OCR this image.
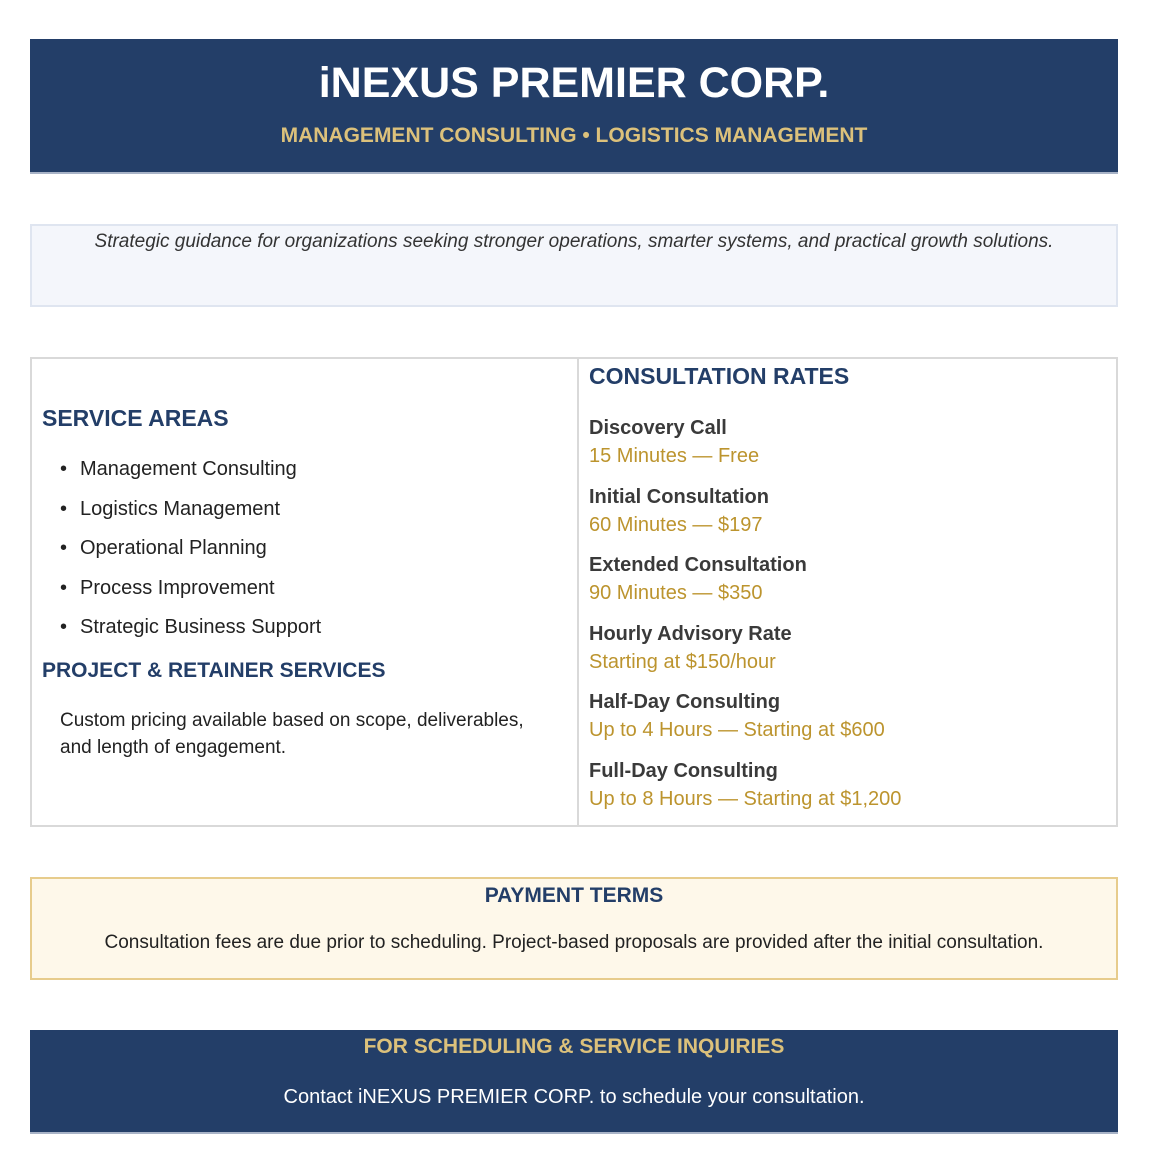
iNEXUS PREMIER CORP.
MANAGEMENT CONSULTING • LOGISTICS MANAGEMENT
Strategic guidance for organizations seeking stronger operations, smarter systems, and practical growth solutions.
SERVICE AREAS
• Management Consulting
• Logistics Management
• Operational Planning
• Process Improvement
• Strategic Business Support
PROJECT & RETAINER SERVICES
Custom pricing available based on scope, deliverables, and length of engagement.
CONSULTATION RATES
Discovery Call
15 Minutes — Free
Initial Consultation
60 Minutes — $197
Extended Consultation
90 Minutes — $350
Hourly Advisory Rate
Starting at $150/hour
Half-Day Consulting
Up to 4 Hours — Starting at $600
Full-Day Consulting
Up to 8 Hours — Starting at $1,200
PAYMENT TERMS
Consultation fees are due prior to scheduling. Project-based proposals are provided after the initial consultation.
FOR SCHEDULING & SERVICE INQUIRIES
Contact iNEXUS PREMIER CORP. to schedule your consultation.
